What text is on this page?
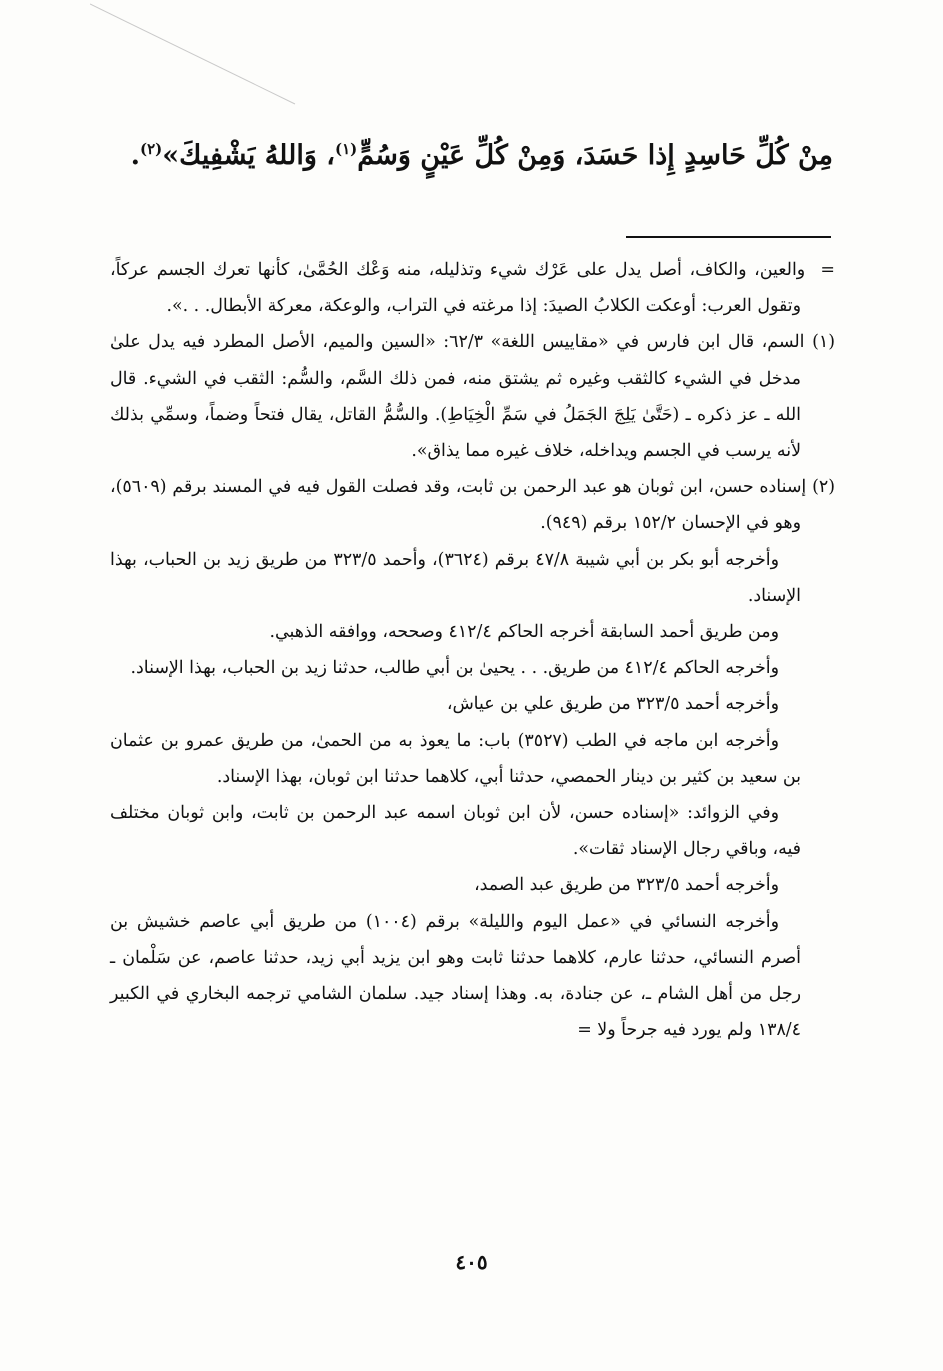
مِنْ كُلِّ حَاسِدٍ إِذا حَسَدَ، وَمِنْ كُلِّ عَيْنٍ وَسُمٍّ$^{(١)}$، وَاللهُ يَشْفِيكَ»$^{(٢)}$.

=  والعين، والكاف، أصل يدل على عَرْك شيء وتذليله، منه وَعْك الحُمَّىٰ، كأنها تعرك الجسم عركاً، وتقول العرب: أوعكت الكلابُ الصيدَ: إذا مرغته في التراب، والوعكة، معركة الأبطال. . .».

(١) السم، قال ابن فارس في «مقاييس اللغة» ٦٢/٣: «السين والميم، الأصل المطرد فيه يدل علىٰ مدخل في الشيء كالثقب وغيره ثم يشتق منه، فمن ذلك السَّم، والسُّم: الثقب في الشيء. قال الله ـ عز ذكره ـ (حَتَّىٰ يَلِجَ الجَمَلُ في سَمِّ الْخِيَاطِ). والسُّمُّ القاتل، يقال فتحاً وضماً، وسمِّي بذلك لأنه يرسب في الجسم ويداخله، خلاف غيره مما يذاق».

(٢) إسناده حسن، ابن ثوبان هو عبد الرحمن بن ثابت، وقد فصلت القول فيه في المسند برقم (٥٦٠٩)، وهو في الإحسان ١٥٢/٢ برقم (٩٤٩).

وأخرجه أبو بكر بن أبي شيبة ٤٧/٨ برقم (٣٦٢٤)، وأحمد ٣٢٣/٥ من طريق زيد بن الحباب، بهذا الإسناد.

ومن طريق أحمد السابقة أخرجه الحاكم ٤١٢/٤ وصححه، ووافقه الذهبي.

وأخرجه الحاكم ٤١٢/٤ من طريق. . . يحيىٰ بن أبي طالب، حدثنا زيد بن الحباب، بهذا الإسناد.

وأخرجه أحمد ٣٢٣/٥ من طريق علي بن عياش،

وأخرجه ابن ماجه في الطب (٣٥٢٧) باب: ما يعوذ به من الحمىٰ، من طريق عمرو بن عثمان بن سعيد بن كثير بن دينار الحمصي، حدثنا أبي، كلاهما حدثنا ابن ثوبان، بهذا الإسناد.

وفي الزوائد: «إسناده حسن، لأن ابن ثوبان اسمه عبد الرحمن بن ثابت، وابن ثوبان مختلف فيه، وباقي رجال الإسناد ثقات».

وأخرجه أحمد ٣٢٣/٥ من طريق عبد الصمد،

وأخرجه النسائي في «عمل اليوم والليلة» برقم (١٠٠٤) من طريق أبي عاصم خشيش بن أصرم النسائي، حدثنا عارم، كلاهما حدثنا ثابت وهو ابن يزيد أبي زيد، حدثنا عاصم، عن سَلْمان ـ رجل من أهل الشام ـ، عن جنادة، به. وهذا إسناد جيد. سلمان الشامي ترجمه البخاري في الكبير ١٣٨/٤ ولم يورد فيه جرحاً ولا =

٤٠٥
